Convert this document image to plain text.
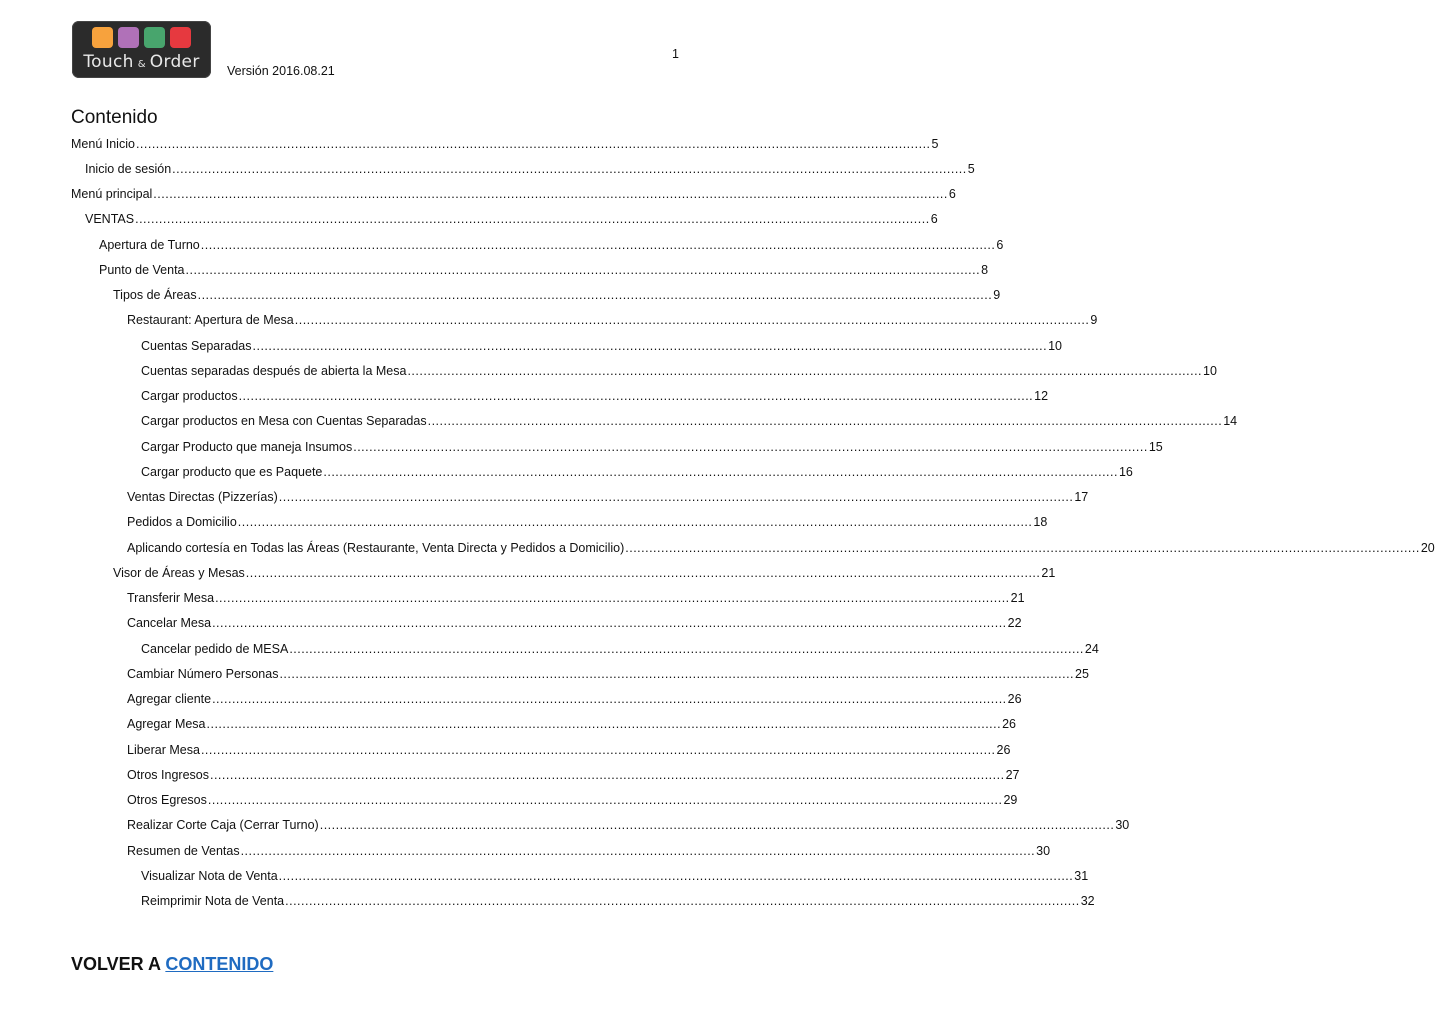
Touch & Order	Versión 2016.08.21
1
Contenido
Menú Inicio ........................................................................................................................................................................................................ 5
Inicio de sesión ........................................................................................................................................................................................................ 5
Menú principal ........................................................................................................................................................................................................ 6
VENTAS ........................................................................................................................................................................................................ 6
Apertura de Turno ........................................................................................................................................................................................................ 6
Punto de Venta ........................................................................................................................................................................................................ 8
Tipos de Áreas ........................................................................................................................................................................................................ 9
Restaurant: Apertura de Mesa ........................................................................................................................................................................................................ 9
Cuentas Separadas ........................................................................................................................................................................................................ 10
Cuentas separadas después de abierta la Mesa ........................................................................................................................................................................................................ 10
Cargar productos ........................................................................................................................................................................................................ 12
Cargar productos en Mesa con Cuentas Separadas ........................................................................................................................................................................................................ 14
Cargar Producto que maneja Insumos ........................................................................................................................................................................................................ 15
Cargar producto que es Paquete ........................................................................................................................................................................................................ 16
Ventas Directas (Pizzerías) ........................................................................................................................................................................................................ 17
Pedidos a Domicilio ........................................................................................................................................................................................................ 18
Aplicando cortesía en Todas las Áreas (Restaurante, Venta Directa y Pedidos a Domicilio) ........................................................................................................................................................................................................ 20
Visor de Áreas y Mesas ........................................................................................................................................................................................................ 21
Transferir Mesa ........................................................................................................................................................................................................ 21
Cancelar Mesa ........................................................................................................................................................................................................ 22
Cancelar pedido de MESA ........................................................................................................................................................................................................ 24
Cambiar Número Personas ........................................................................................................................................................................................................ 25
Agregar cliente ........................................................................................................................................................................................................ 26
Agregar Mesa ........................................................................................................................................................................................................ 26
Liberar Mesa ........................................................................................................................................................................................................ 26
Otros Ingresos ........................................................................................................................................................................................................ 27
Otros Egresos ........................................................................................................................................................................................................ 29
Realizar Corte Caja (Cerrar Turno) ........................................................................................................................................................................................................ 30
Resumen de Ventas ........................................................................................................................................................................................................ 30
Visualizar Nota de Venta ........................................................................................................................................................................................................ 31
Reimprimir Nota de Venta ........................................................................................................................................................................................................ 32
VOLVER A CONTENIDO
